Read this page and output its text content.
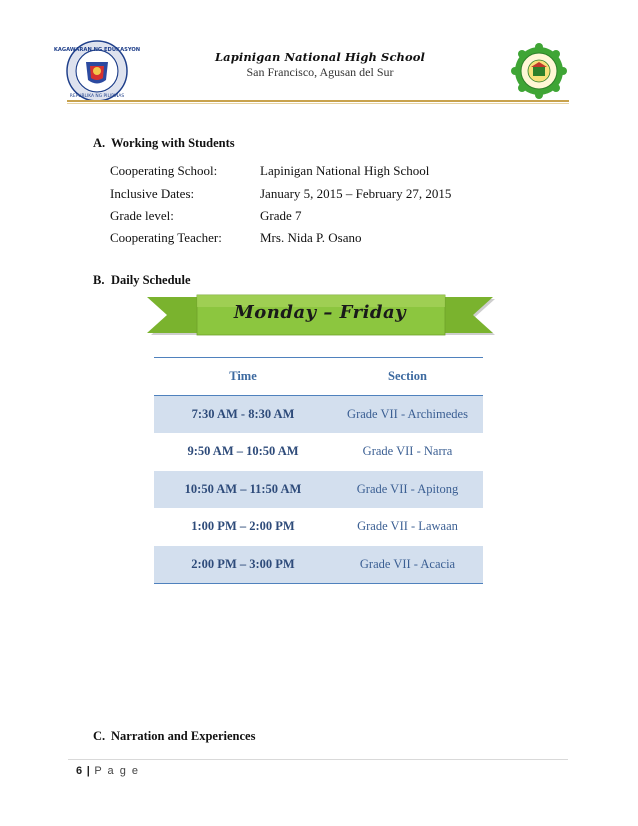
KAGAWARAN NG EDUKASYON
REPUBLIKA NG PILIPINAS
Lapinigan National High School
San Francisco, Agusan del Sur
A. Working with Students
Cooperating School:	Lapinigan National High School
Inclusive Dates:	January 5, 2015 – February 27, 2015
Grade level:	Grade 7
Cooperating Teacher:	Mrs. Nida P. Osano
B. Daily Schedule
Monday – Friday
Time	Section
7:30 AM - 8:30 AM	Grade VII - Archimedes
9:50 AM – 10:50 AM	Grade VII - Narra
10:50 AM – 11:50 AM	Grade VII - Apitong
1:00 PM – 2:00 PM	Grade VII - Lawaan
2:00 PM – 3:00 PM	Grade VII - Acacia
C. Narration and Experiences
6 | P a g e
